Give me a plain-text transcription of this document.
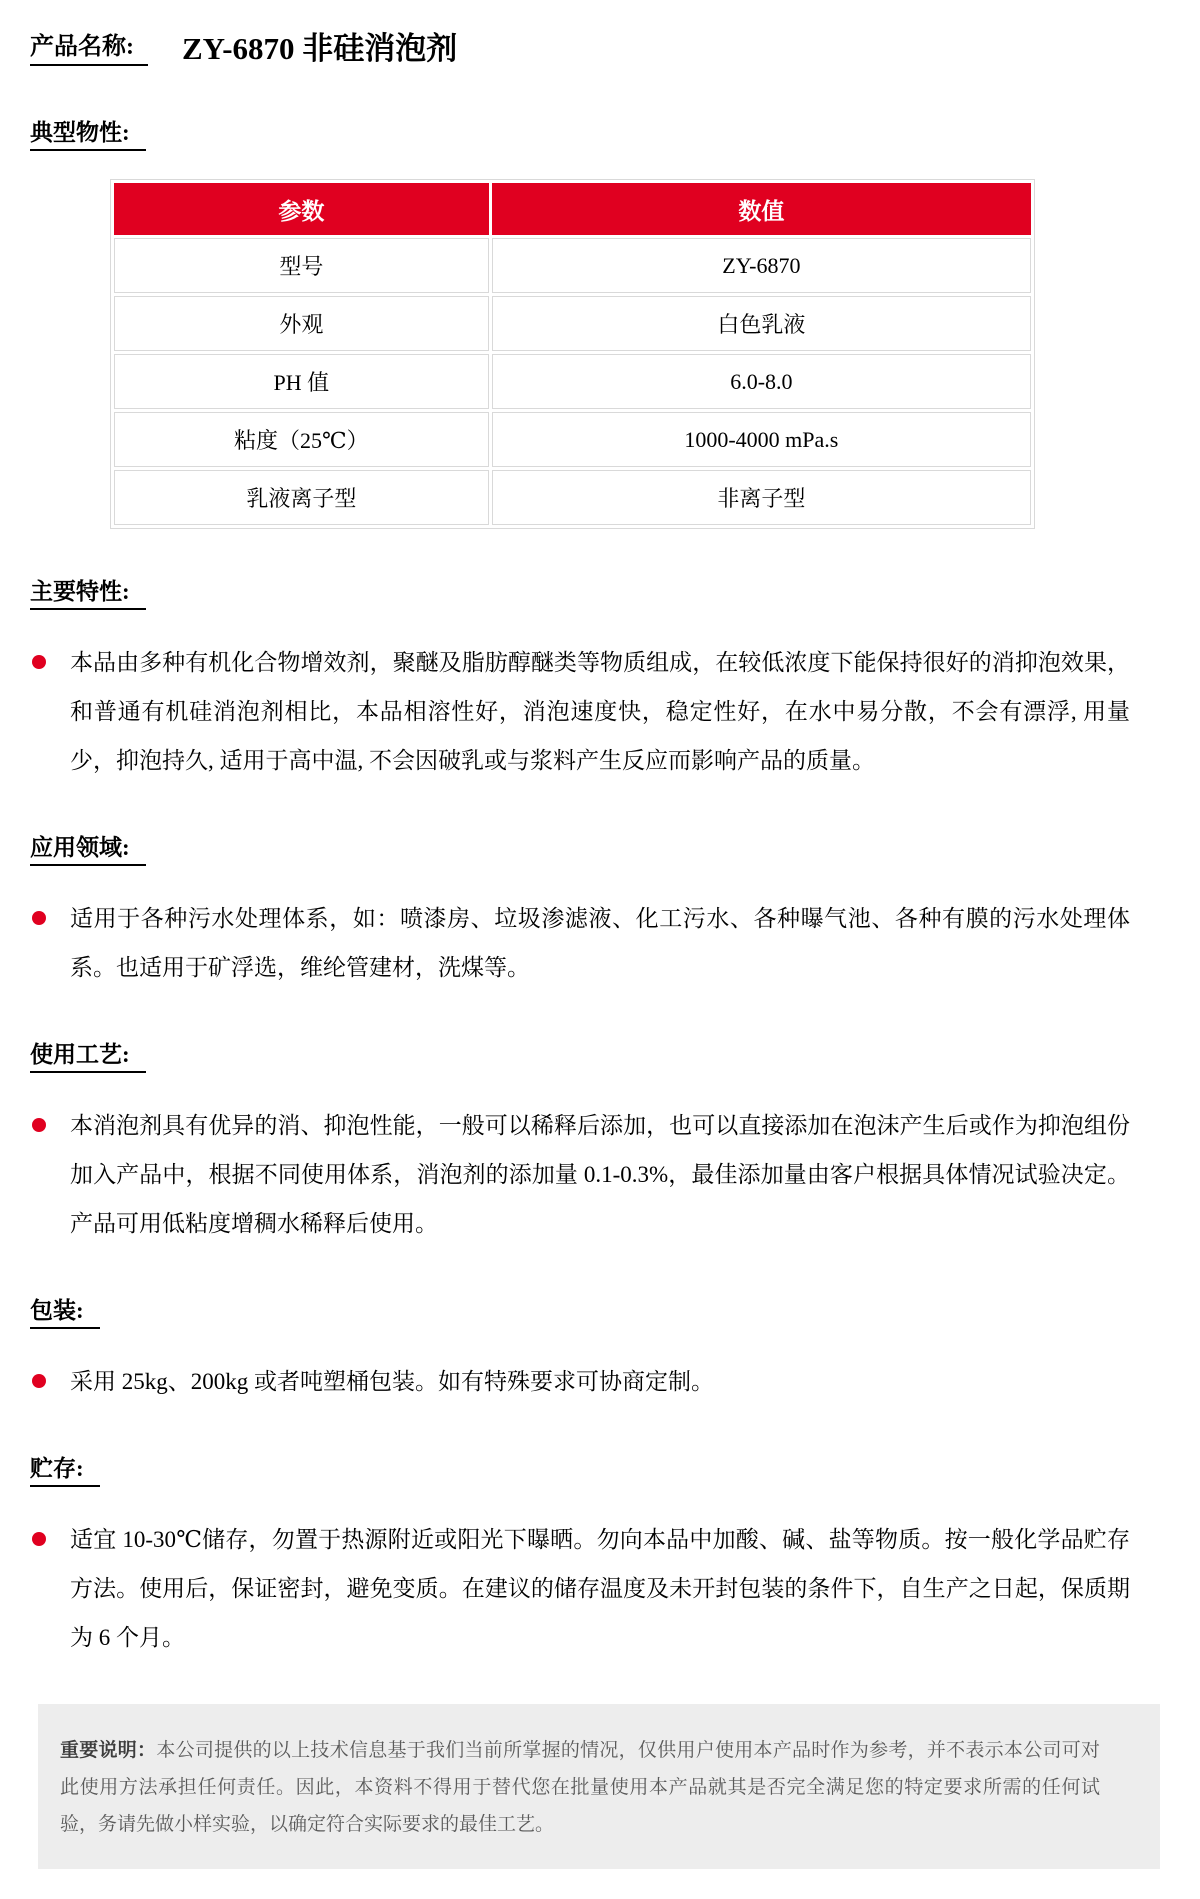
产品名称:	ZY-6870 非硅消泡剂
典型物性:
参数	数值
型号	ZY-6870
外观	白色乳液
PH 值	6.0-8.0
粘度（25℃）	1000-4000 mPa.s
乳液离子型	非离子型
主要特性:
本品由多种有机化合物增效剂，聚醚及脂肪醇醚类等物质组成，在较低浓度下能保持很好的消抑泡效果，和普通有机硅消泡剂相比，本品相溶性好，消泡速度快，稳定性好，在水中易分散，不会有漂浮, 用量少，抑泡持久, 适用于高中温, 不会因破乳或与浆料产生反应而影响产品的质量。
应用领域:
适用于各种污水处理体系，如：喷漆房、垃圾渗滤液、化工污水、各种曝气池、各种有膜的污水处理体系。也适用于矿浮选，维纶管建材，洗煤等。
使用工艺:
本消泡剂具有优异的消、抑泡性能，一般可以稀释后添加，也可以直接添加在泡沫产生后或作为抑泡组份加入产品中，根据不同使用体系，消泡剂的添加量 0.1-0.3%，最佳添加量由客户根据具体情况试验决定。产品可用低粘度增稠水稀释后使用。
包装:
采用 25kg、200kg 或者吨塑桶包装。如有特殊要求可协商定制。
贮存:
适宜 10-30℃储存，勿置于热源附近或阳光下曝晒。勿向本品中加酸、碱、盐等物质。按一般化学品贮存方法。使用后，保证密封，避免变质。在建议的储存温度及未开封包装的条件下，自生产之日起，保质期为 6 个月。
重要说明：本公司提供的以上技术信息基于我们当前所掌握的情况，仅供用户使用本产品时作为参考，并不表示本公司可对此使用方法承担任何责任。因此，本资料不得用于替代您在批量使用本产品就其是否完全满足您的特定要求所需的任何试验，务请先做小样实验，以确定符合实际要求的最佳工艺。
